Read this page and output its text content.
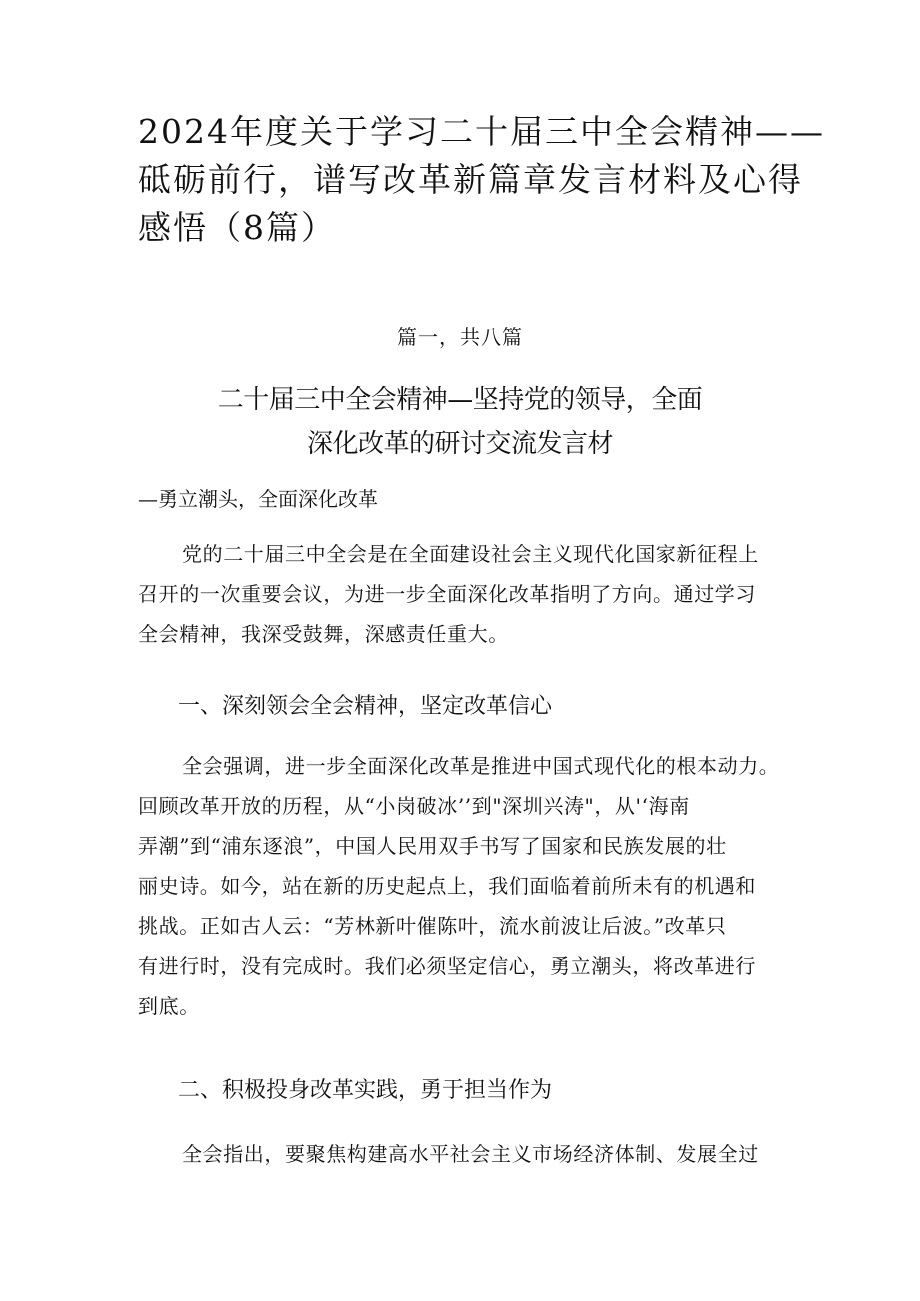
2024年度关于学习二十届三中全会精神——
砥砺前行，谱写改革新篇章发言材料及心得
感悟（8篇）
篇一，共八篇
二十届三中全会精神—坚持党的领导，全面
深化改革的研讨交流发言材
—勇立潮头，全面深化改革

党的二十届三中全会是在全面建设社会主义现代化国家新征程上
召开的一次重要会议，为进一步全面深化改革指明了方向。通过学习
全会精神，我深受鼓舞，深感责任重大。

一、深刻领会全会精神，坚定改革信心

全会强调，进一步全面深化改革是推进中国式现代化的根本动力。
回顾改革开放的历程，从“小岗破冰’’到"深圳兴涛"，从'‘海南
弄潮”到“浦东逐浪”，中国人民用双手书写了国家和民族发展的壮
丽史诗。如今，站在新的历史起点上，我们面临着前所未有的机遇和
挑战。正如古人云：“芳林新叶催陈叶，流水前波让后波。”改革只
有进行时，没有完成时。我们必须坚定信心，勇立潮头，将改革进行
到底。

二、积极投身改革实践，勇于担当作为

全会指出，要聚焦构建高水平社会主义市场经济体制、发展全过
